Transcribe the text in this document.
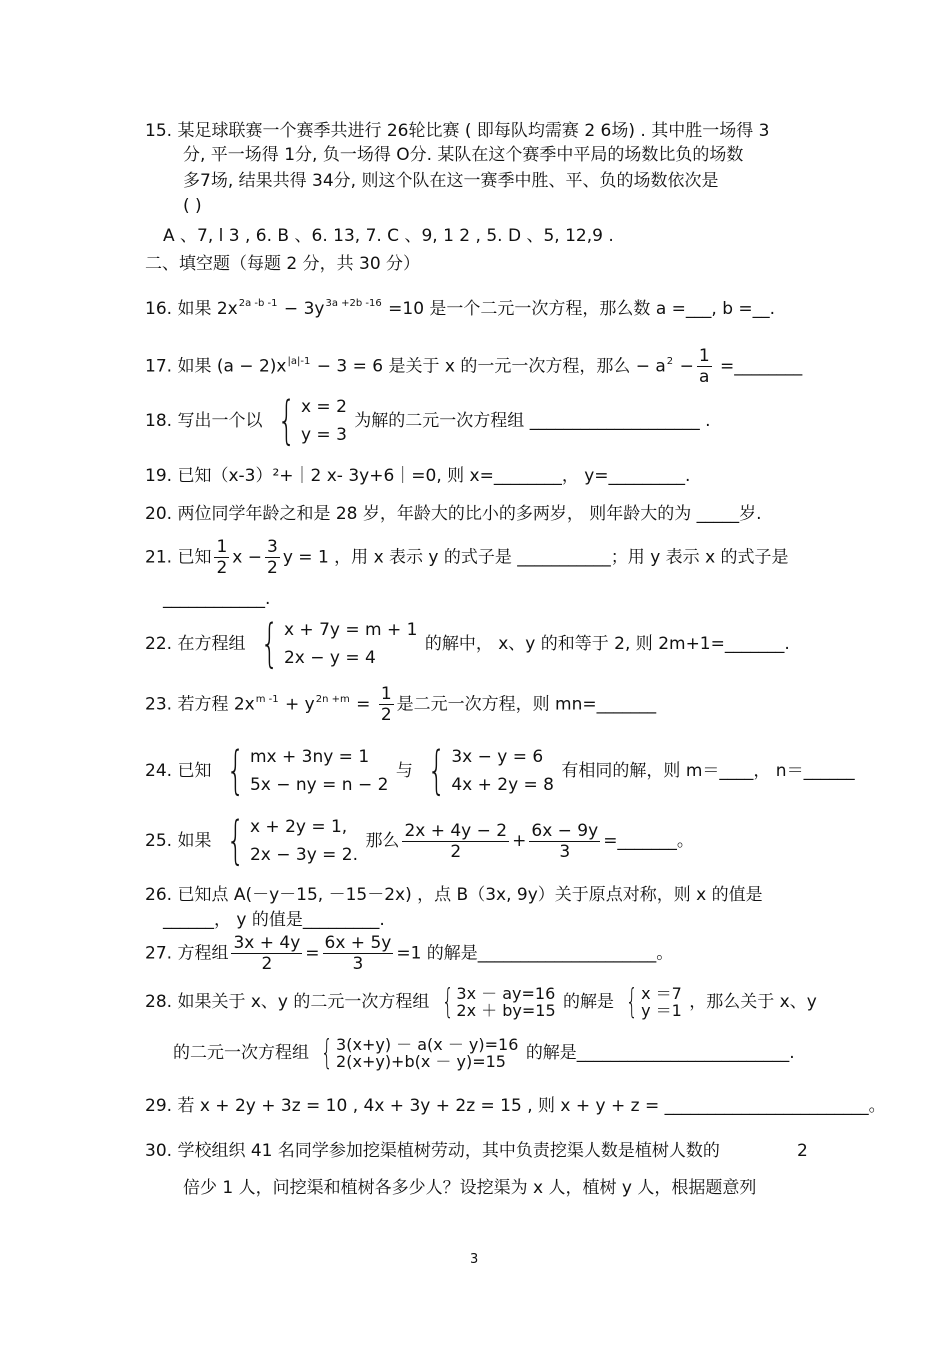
15. 某足球联赛一个赛季共进行 26轮比赛 ( 即每队均需赛 2 6场) . 其中胜一场得 3
分, 平一场得 1分, 负一场得 O分. 某队在这个赛季中平局的场数比负的场数
多7场, 结果共得 34分, 则这个队在这一赛季中胜、平、负的场数依次是
( )
A 、7, l 3 , 6. B 、6. 13, 7. C 、9, 1 2 , 5. D 、5, 12,9 .
二、填空题（每题 2 分，共 30 分）
16. 如果 $2x^{2a -b -1} - 3y^{3a +2b -16} =10$ 是一个二元一次方程，那么数 a =___, b =__.
17. 如果 $(a - 2)x^{|a|-1} - 3 = 6$ 是关于 x 的一元一次方程，那么 − $a^2 - \frac{1}{a}$ =________
18. 写出一个以 { x = 2
y = 3
为解的二元一次方程组 ____________________ .
19. 已知（x-3）²+｜2 x- 3y+6｜=0, 则 x=________， y=_________.
20. 两位同学年龄之和是 28 岁，年龄大的比小的多两岁， 则年龄大的为 _____岁.
21. 已知 $\frac{1}{2}$ $x - \frac{3}{2}$ y = 1 ，用 x 表示 y 的式子是 ___________；用 y 表示 x 的式子是
____________.
22. 在方程组 { x + 7y = m + 1
2x − y = 4
的解中， x、y 的和等于 2, 则 2m+1=_______.
23. 若方程 $2x^{m -1} + y^{2n +m} = \frac{1}{2}$ 是二元一次方程，则 mn=_______
24. 已知 { mx + 3ny = 1
5x − ny = n − 2
与 { 3x − y = 6
4x + 2y = 8
有相同的解，则 m＝____， n＝______
25. 如果 { x + 2y = 1,
2x − 3y = 2.
那么 $\frac{2x + 4y - 2}{2} + \frac{6x - 9y}{3}$ =_______。
26. 已知点 A(－y－15, －15－2x) ，点 B（3x, 9y）关于原点对称，则 x 的值是
______， y 的值是_________.
27. 方程组 $\frac{3x + 4y}{2} = \frac{6x + 5y}{3} =1$ 的解是_____________________。
28. 如果关于 x、y 的二元一次方程组 { 3x － ay=16
2x ＋ by=15 的解是 { x ＝7
y ＝1 ，那么关于 x、y
的二元一次方程组 { 3(x+y) － a(x － y)=16
2(x+y)+b(x － y)=15	的解是_________________________.
29. 若 x + 2y + 3z = 10 , 4x + 3y + 2z = 15 , 则 x + y + z = ________________________。
30. 学校组织 41 名同学参加挖渠植树劳动，其中负责挖渠人数是植树人数的	2
倍少 1 人，问挖渠和植树各多少人？设挖渠为 x 人，植树 y 人，根据题意列
3
